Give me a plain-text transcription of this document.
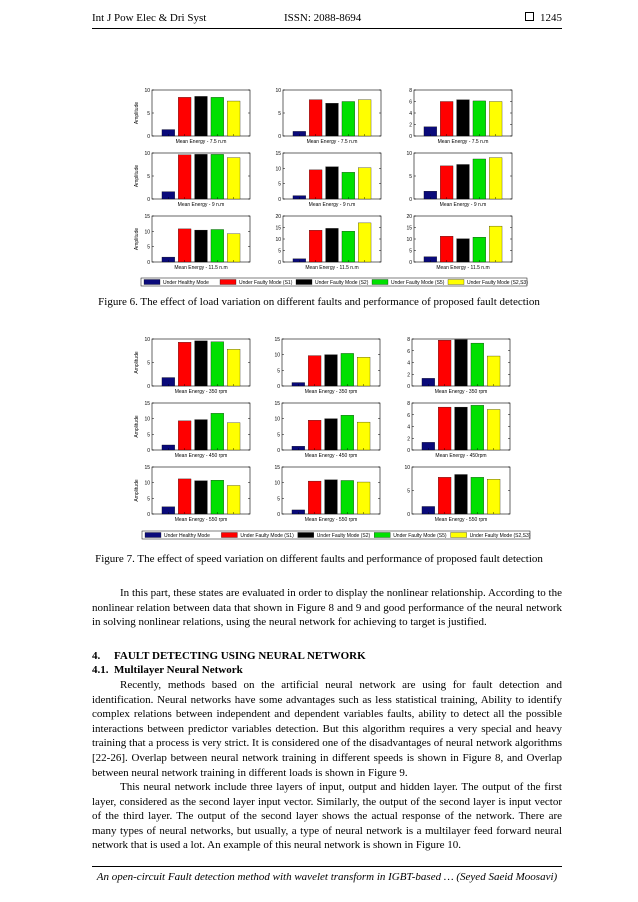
Int J Pow Elec & Dri Syst	ISSN: 2088-8694	1245
0
5
10
Mean Energy - 7.5 n.m
Amplitude
0
5
10
Mean Energy - 7.5 n.m
0
2
4
6
8
Mean Energy - 7.5 n.m
0
5
10
Mean Energy - 9 n.m
Amplitude
0
5
10
15
Mean Energy - 9 n.m
0
5
10
Mean Energy - 9 n.m
0
5
10
15
Mean Energy - 11.5 n.m
Amplitude
0
5
10
15
20
Mean Energy - 11.5 n.m
0
5
10
15
20
Mean Energy - 11.5 n.m
Under Healthy Mode	Under Faulty Mode (S1)	Under Faulty Mode (S2)	Under Faulty Mode (S5)	Under Faulty Mode (S2,S3)
Figure 6. The effect of load variation on different faults and performance of proposed fault detection
0
5
10
Mean Energy - 350 rpm
Amplitude
0
5
10
15
Mean Energy - 350 rpm
0
2
4
6
8
Mean Energy - 350 rpm
0
5
10
15
Mean Energy - 450 rpm
Amplitude
0
5
10
15
Mean Energy - 450 rpm
0
2
4
6
8
Mean Energy - 450rpm
0
5
10
15
Mean Energy - 550 rpm
Amplitude
0
5
10
15
Mean Energy - 550 rpm
0
5
10
Mean Energy - 550 rpm
Under Healthy Mode	Under Faulty Mode (S1)	Under Faulty Mode (S2)	Under Faulty Mode (S5)	Under Faulty Mode (S2,S3)
Figure 7. The effect of speed variation on different faults and performance of proposed fault detection
In this part, these states are evaluated in order to display the nonlinear relationship. According to the nonlinear relation between data that shown in Figure 8 and 9 and good performance of the neural network in solving nonlinear relations, using the neural network for achieving to target is justified.
4.     FAULT DETECTING USING NEURAL NETWORK
4.1.  Multilayer Neural Network
Recently, methods based on the artificial neural network are using for fault detection and identification. Neural networks have some advantages such as less statistical training, Ability to identify complex relations between independent and dependent variables faults, ability to detect all the possible interactions between predictor variables detection. But this algorithm requires a very special and heavy training that a process is very strict. It is considered one of the disadvantages of neural network algorithms [22-26]. Overlap between neural network training in different speeds is shown in Figure 8, and Overlap between neural network training in different loads is shown in Figure 9.
This neural network include three layers of input, output and hidden layer. The output of the first layer, considered as the second layer input vector. Similarly, the output of the second layer is input vector of the third layer. The output of the second layer shows the actual response of the network. There are many types of neural networks, but usually, a type of neural network is a multilayer feed forward neural network that is used a lot. An example of this neural network is shown in Figure 10.
An open-circuit Fault detection method with wavelet transform in IGBT-based … (Seyed Saeid Moosavi)
